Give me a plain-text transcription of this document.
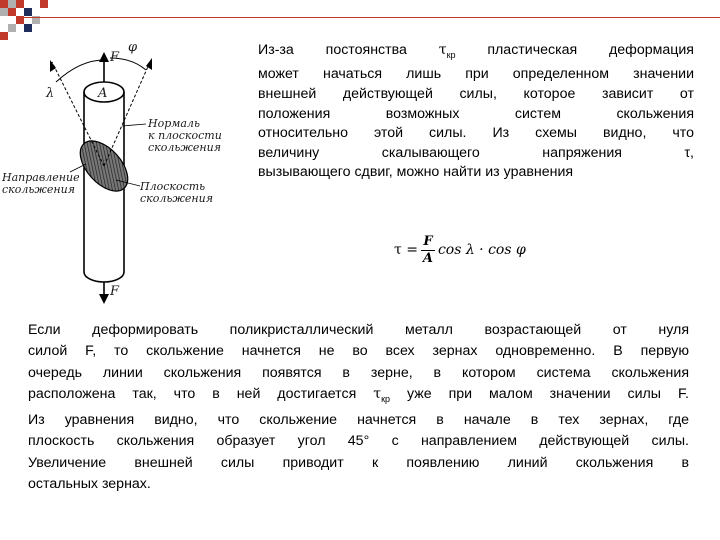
F
φ
λ	A
F
Нормаль
к плоскости
скольжения
Направление
скольжения	Плоскость
скольжения
Из-за постоянства $\tau_{кр}$ пластическая деформация
может начаться лишь при определенном значении
внешней действующей силы, которое зависит от
положения возможных систем скольжения
относительно этой силы. Из схемы видно, что
величину скалывающего напряжения τ,
вызывающего сдвиг, можно найти из уравнения
$\tau = \frac{F}{A}$ cos λ · cos φ
Если деформировать поликристаллический металл возрастающей от нуля
силой F, то скольжение начнется не во всех зернах одновременно. В первую
очередь линии скольжения появятся в зерне, в котором система скольжения
расположена так, что в ней достигается $\tau_{кр}$ уже при малом значении силы F.
Из уравнения видно, что скольжение начнется в начале в тех зернах, где
плоскость скольжения образует угол 45° с направлением действующей силы.
Увеличение внешней силы приводит к появлению линий скольжения в
остальных зернах.
